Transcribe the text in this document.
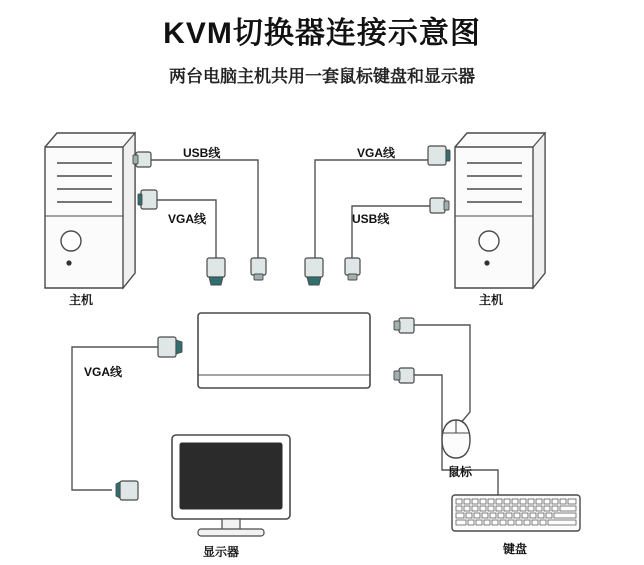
KVM切换器连接示意图
两台电脑主机共用一套鼠标键盘和显示器
主机	主机
USB线
VGA线
VGA线
USB线
VGA线
显示器
鼠标
键盘
